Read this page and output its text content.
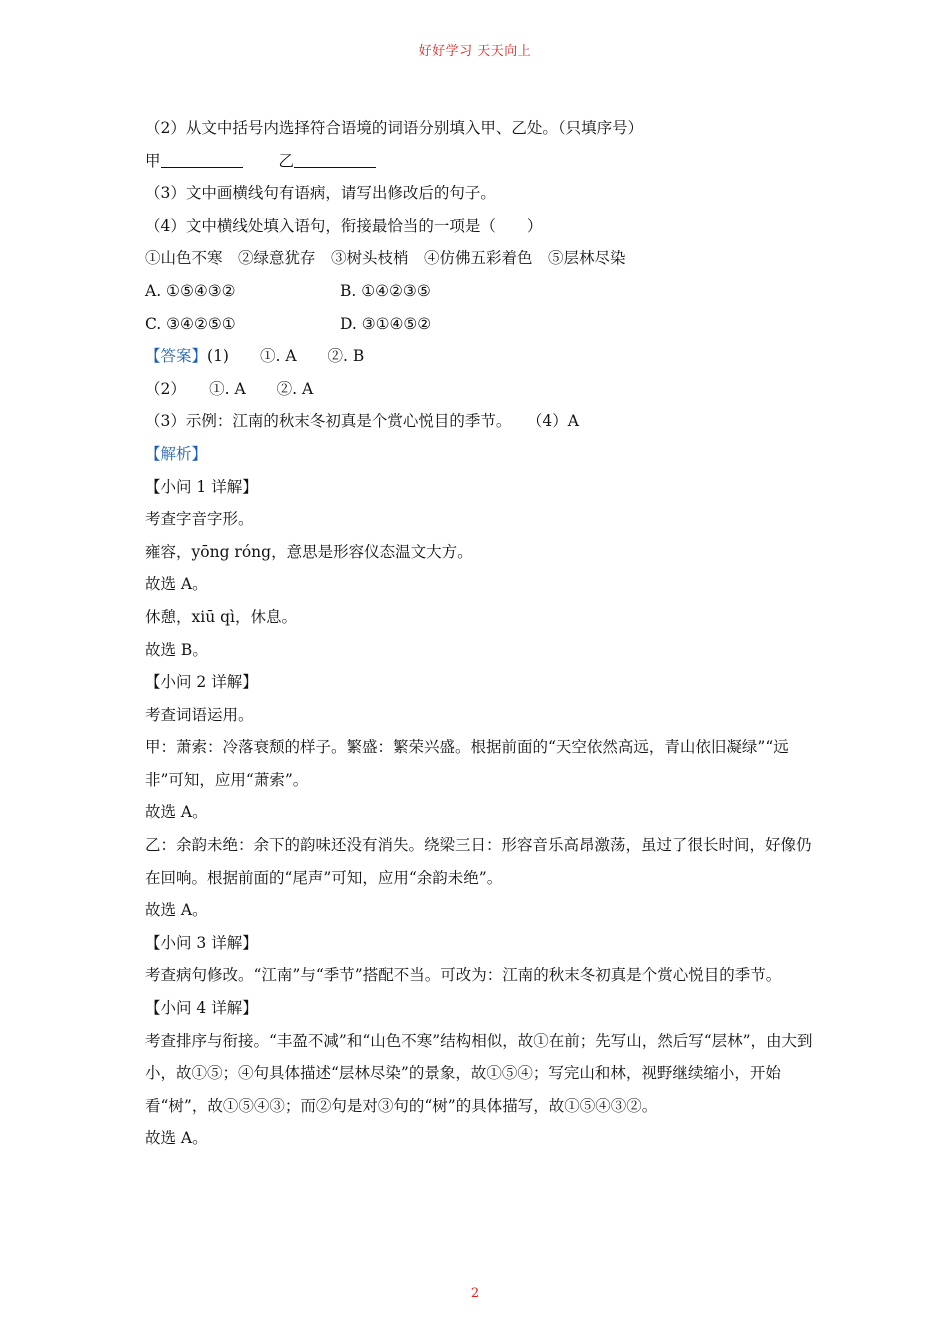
好好学习 天天向上
（2）从文中括号内选择符合语境的词语分别填入甲、乙处。（只填序号）
甲	乙
（3）文中画横线句有语病，请写出修改后的句子。
（4）文中横线处填入语句，衔接最恰当的一项是（　　）
①山色不寒　②绿意犹存　③树头枝梢　④仿佛五彩着色　⑤层林尽染
A. ①⑤④③②	B. ①④②③⑤
C. ③④②⑤①	D. ③①④⑤②
【答案】(1)　　①. A　　②. B
（2）　　①. A　　②. A
（3）示例：江南的秋末冬初真是个赏心悦目的季节。　　（4）A
【解析】
【小问 1 详解】
考查字音字形。
雍容，yōng róng，意思是形容仪态温文大方。
故选 A。
休憩，xiū qì，休息。
故选 B。
【小问 2 详解】
考查词语运用。
甲：萧索：冷落衰颓的样子。繁盛：繁荣兴盛。根据前面的“天空依然高远，青山依旧凝绿”“远非”可知，应用“萧索”。
故选 A。
乙：余韵未绝：余下的韵味还没有消失。绕梁三日：形容音乐高昂激荡，虽过了很长时间，好像仍在回响。根据前面的“尾声”可知，应用“余韵未绝”。
故选 A。
【小问 3 详解】
考查病句修改。“江南”与“季节”搭配不当。可改为：江南的秋末冬初真是个赏心悦目的季节。
【小问 4 详解】
考查排序与衔接。“丰盈不减”和“山色不寒”结构相似，故①在前；先写山，然后写“层林”，由大到小，故①⑤；④句具体描述“层林尽染”的景象，故①⑤④；写完山和林，视野继续缩小，开始看“树”，故①⑤④③；而②句是对③句的“树”的具体描写，故①⑤④③②。
故选 A。
2
